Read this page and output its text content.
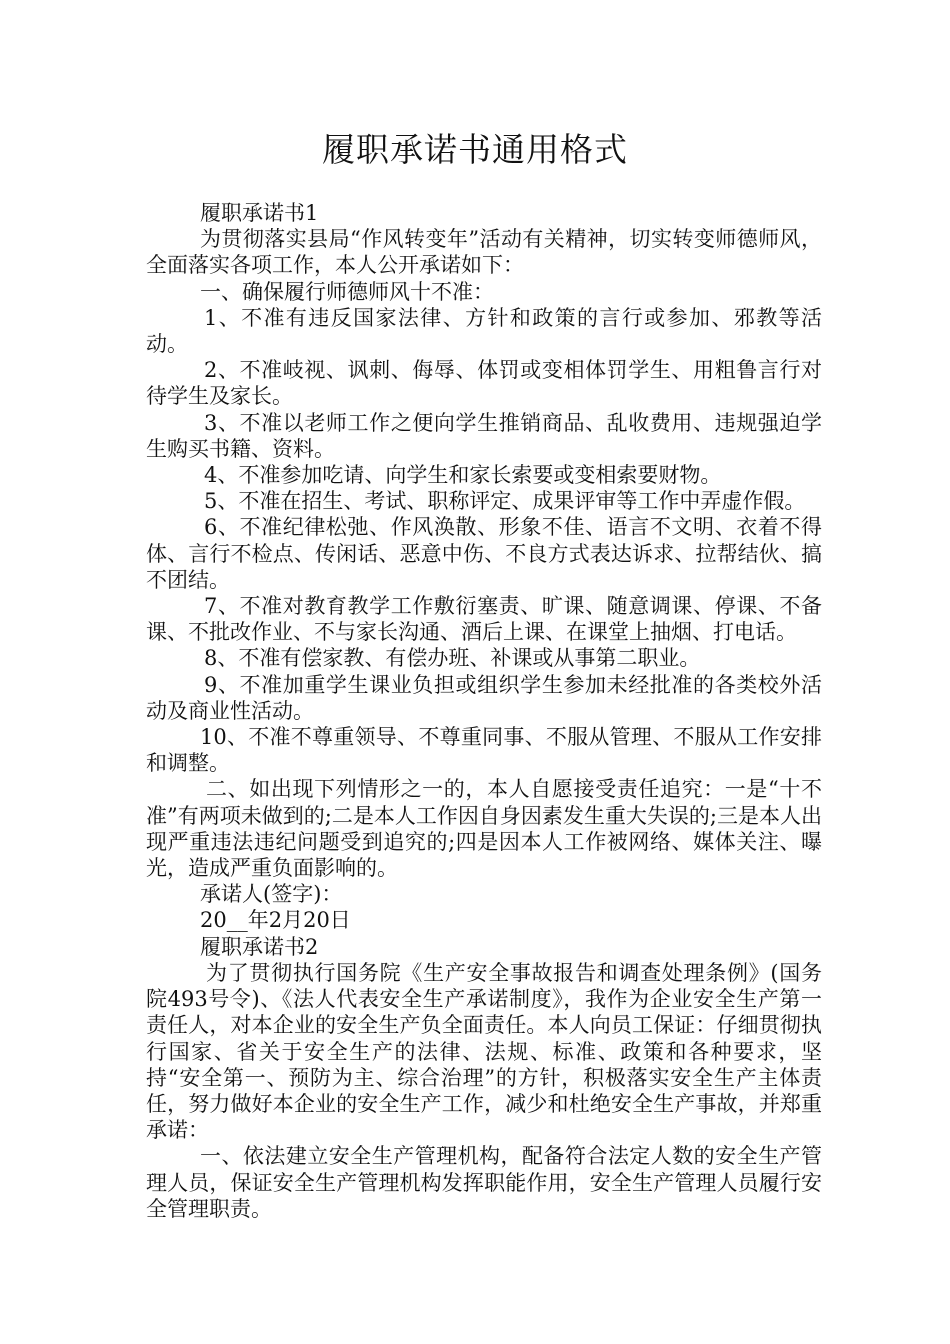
履职承诺书通用格式

履职承诺书1

为贯彻落实县局“作风转变年”活动有关精神，切实转变师德师风，全面落实各项工作，本人公开承诺如下：

一、确保履行师德师风十不准：

1、不准有违反国家法律、方针和政策的言行或参加、邪教等活动。

2、不准岐视、讽刺、侮辱、体罚或变相体罚学生、用粗鲁言行对待学生及家长。

3、不准以老师工作之便向学生推销商品、乱收费用、违规强迫学生购买书籍、资料。

4、不准参加吃请、向学生和家长索要或变相索要财物。

5、不准在招生、考试、职称评定、成果评审等工作中弄虚作假。

6、不准纪律松弛、作风涣散、形象不佳、语言不文明、衣着不得体、言行不检点、传闲话、恶意中伤、不良方式表达诉求、拉帮结伙、搞不团结。

7、不准对教育教学工作敷衍塞责、旷课、随意调课、停课、不备课、不批改作业、不与家长沟通、酒后上课、在课堂上抽烟、打电话。

8、不准有偿家教、有偿办班、补课或从事第二职业。

9、不准加重学生课业负担或组织学生参加未经批准的各类校外活动及商业性活动。

10、不准不尊重领导、不尊重同事、不服从管理、不服从工作安排和调整。

二、如出现下列情形之一的，本人自愿接受责任追究：一是“十不准”有两项未做到的;二是本人工作因自身因素发生重大失误的;三是本人出现严重违法违纪问题受到追究的;四是因本人工作被网络、媒体关注、曝光，造成严重负面影响的。

承诺人(签字)：

20__年2月20日

履职承诺书2

为了贯彻执行国务院《生产安全事故报告和调查处理条例》(国务院493号令)、《法人代表安全生产承诺制度》，我作为企业安全生产第一责任人，对本企业的安全生产负全面责任。本人向员工保证：仔细贯彻执行国家、省关于安全生产的法律、法规、标准、政策和各种要求，坚持“安全第一、预防为主、综合治理”的方针，积极落实安全生产主体责任，努力做好本企业的安全生产工作，减少和杜绝安全生产事故，并郑重承诺：

一、依法建立安全生产管理机构，配备符合法定人数的安全生产管理人员，保证安全生产管理机构发挥职能作用，安全生产管理人员履行安全管理职责。
